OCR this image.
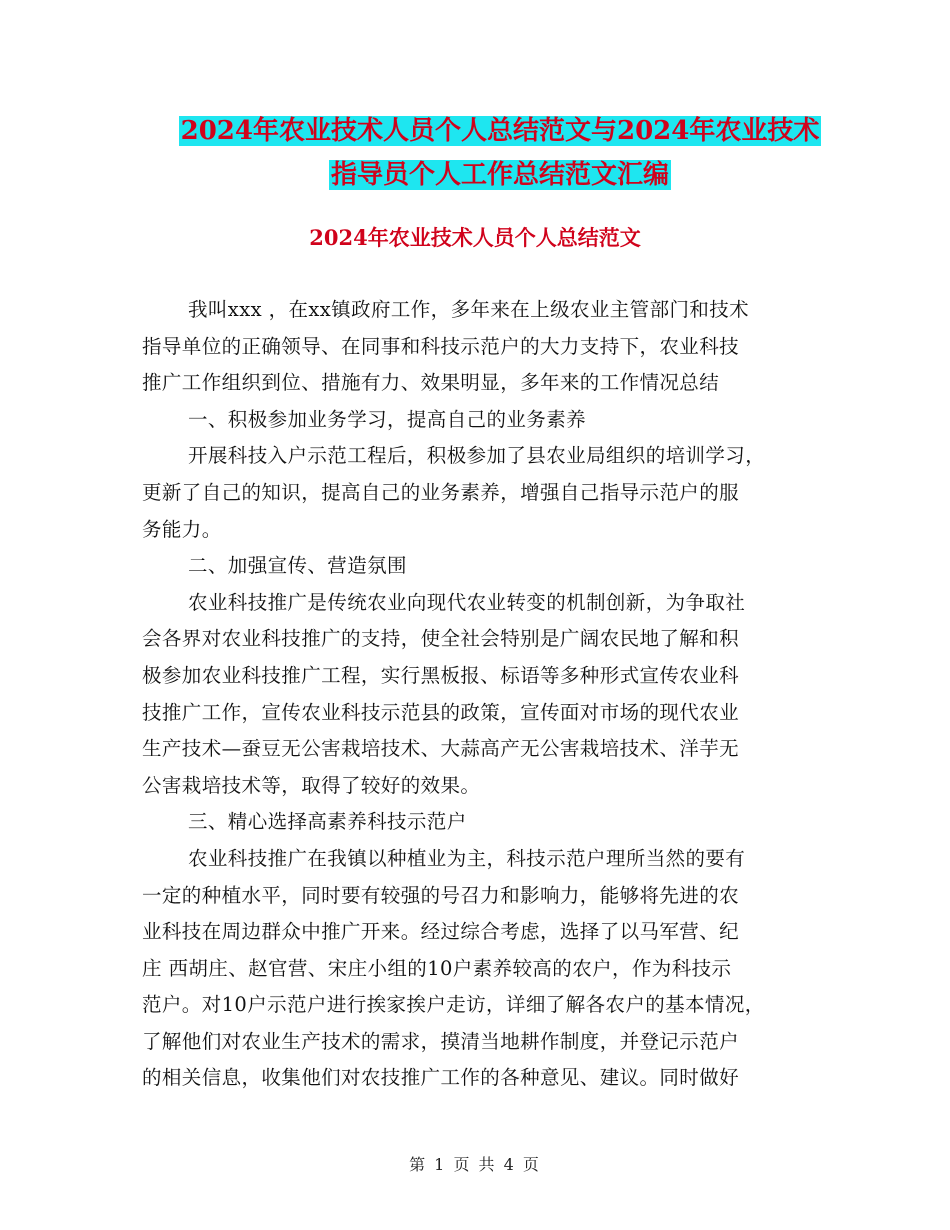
2024年农业技术人员个人总结范文与2024年农业技术
指导员个人工作总结范文汇编
2024年农业技术人员个人总结范文
我叫xxx ，在xx镇政府工作，多年来在上级农业主管部门和技术
指导单位的正确领导、在同事和科技示范户的大力支持下，农业科技
推广工作组织到位、措施有力、效果明显，多年来的工作情况总结
一、积极参加业务学习，提高自己的业务素养
开展科技入户示范工程后，积极参加了县农业局组织的培训学习，
更新了自己的知识，提高自己的业务素养，增强自己指导示范户的服
务能力。
二、加强宣传、营造氛围
农业科技推广是传统农业向现代农业转变的机制创新，为争取社
会各界对农业科技推广的支持，使全社会特别是广阔农民地了解和积
极参加农业科技推广工程，实行黑板报、标语等多种形式宣传农业科
技推广工作，宣传农业科技示范县的政策，宣传面对市场的现代农业
生产技术—蚕豆无公害栽培技术、大蒜高产无公害栽培技术、洋芋无
公害栽培技术等，取得了较好的效果。
三、精心选择高素养科技示范户
农业科技推广在我镇以种植业为主，科技示范户理所当然的要有
一定的种植水平，同时要有较强的号召力和影响力，能够将先进的农
业科技在周边群众中推广开来。经过综合考虑，选择了以马军营、纪
庄 西胡庄、赵官营、宋庄小组的10户素养较高的农户，作为科技示
范户。对10户示范户进行挨家挨户走访，详细了解各农户的基本情况，
了解他们对农业生产技术的需求，摸清当地耕作制度，并登记示范户
的相关信息，收集他们对农技推广工作的各种意见、建议。同时做好
第 1 页 共 4 页
